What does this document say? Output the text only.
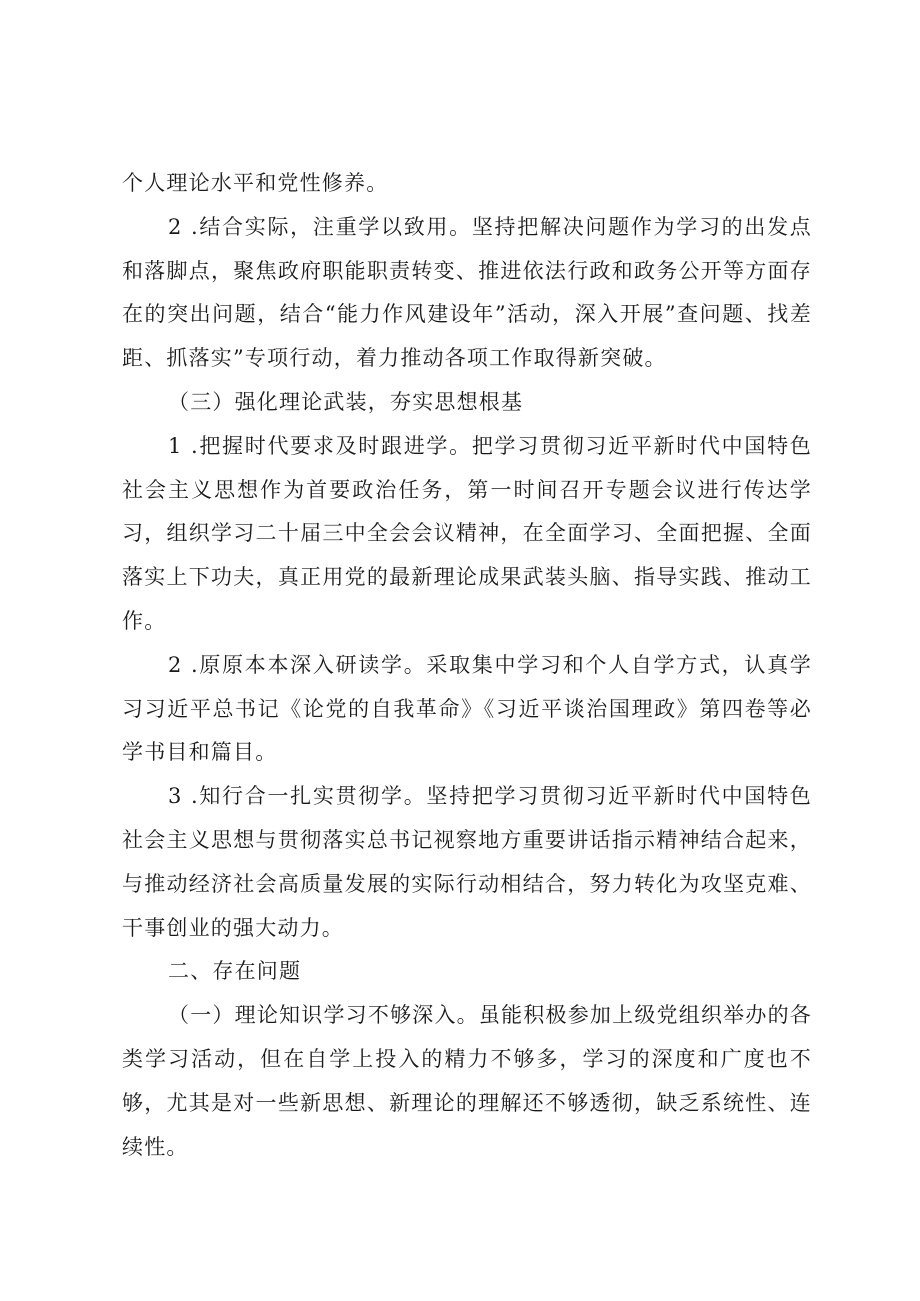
个人理论水平和党性修养。

2 .结合实际，注重学以致用。坚持把解决问题作为学习的出发点和落脚点，聚焦政府职能职责转变、推进依法行政和政务公开等方面存在的突出问题，结合“能力作风建设年”活动，深入开展”查问题、找差距、抓落实”专项行动，着力推动各项工作取得新突破。

（三）强化理论武装，夯实思想根基

1 .把握时代要求及时跟进学。把学习贯彻习近平新时代中国特色社会主义思想作为首要政治任务，第一时间召开专题会议进行传达学习，组织学习二十届三中全会会议精神，在全面学习、全面把握、全面落实上下功夫，真正用党的最新理论成果武装头脑、指导实践、推动工作。

2 .原原本本深入研读学。采取集中学习和个人自学方式，认真学习习近平总书记《论党的自我革命》《习近平谈治国理政》第四卷等必学书目和篇目。

3 .知行合一扎实贯彻学。坚持把学习贯彻习近平新时代中国特色社会主义思想与贯彻落实总书记视察地方重要讲话指示精神结合起来，与推动经济社会高质量发展的实际行动相结合，努力转化为攻坚克难、干事创业的强大动力。

二、存在问题

（一）理论知识学习不够深入。虽能积极参加上级党组织举办的各类学习活动，但在自学上投入的精力不够多，学习的深度和广度也不够，尤其是对一些新思想、新理论的理解还不够透彻，缺乏系统性、连续性。
